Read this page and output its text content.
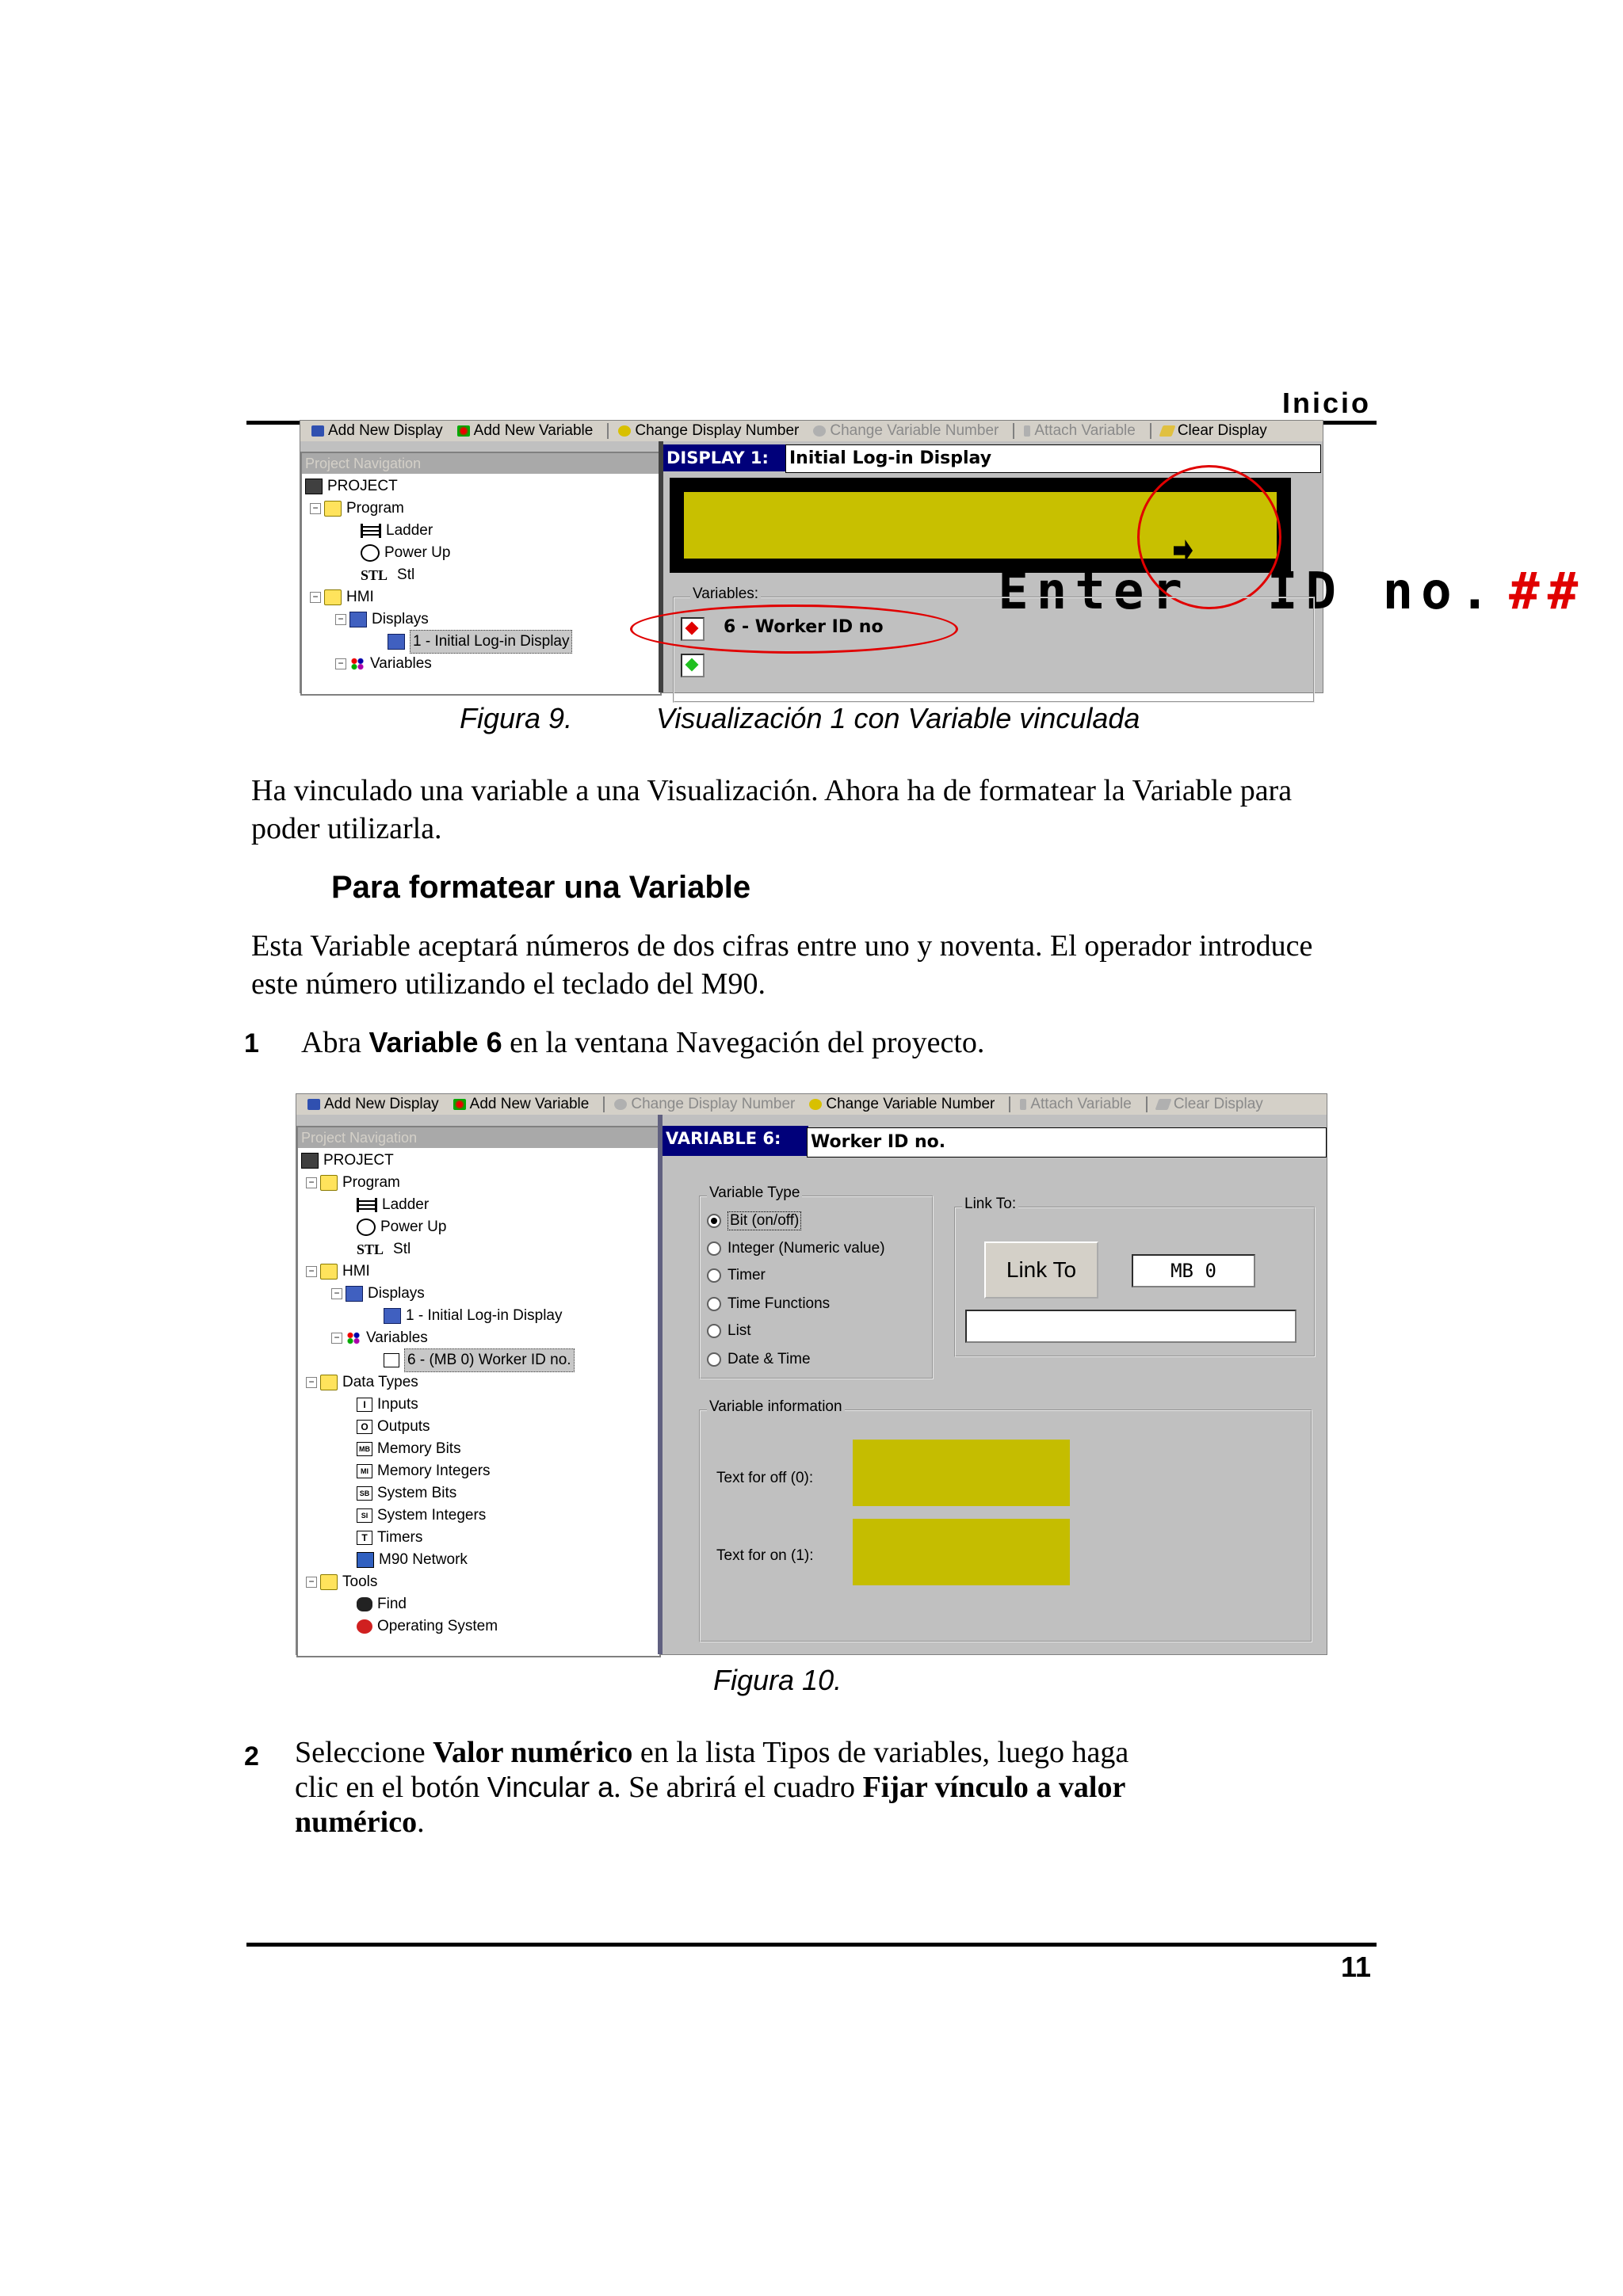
Inicio
Add New Display Add New Variable	Change Display Number Change Variable Number Attach Variable	Clear Display
Project Navigation
PROJECT
− Program
Ladder
Power Up
STL Stl
− HMI
− Displays
1 - Initial Log-in Display
− Variables
DISPLAY 1:	Initial Log-in Display

Enter  ID no. ##

Variables:
6 - Worker ID no
Figura 9.	Visualización 1 con Variable vinculada
Ha vinculado una variable a una Visualización. Ahora ha de formatear la Variable para poder utilizarla.
Para formatear una Variable
Esta Variable aceptará números de dos cifras entre uno y noventa. El operador introduce este número utilizando el teclado del M90.
1 Abra Variable 6 en la ventana Navegación del proyecto.
Add New Display Add New Variable	Change Display Number Change Variable Number Attach Variable	Clear Display
Project Navigation
PROJECT
− Program
Ladder
Power Up
STL Stl
− HMI
− Displays
1 - Initial Log-in Display
− Variables
6 - (MB 0) Worker ID no.
− Data Types
I Inputs
O Outputs
MB Memory Bits
MI Memory Integers
SB System Bits
SI System Integers
T Timers
M90 Network
− Tools
Find
Operating System
VARIABLE 6:	Worker ID no.
Variable Type
Bit (on/off)
Integer (Numeric value)
Timer
Time Functions
List
Date & Time
Link To:
Link To	MB 0
Variable information
Text for off (0):
Text for on (1):
Figura 10.
2 Seleccione Valor numérico en la lista Tipos de variables, luego haga clic en el botón Vincular a. Se abrirá el cuadro Fijar vínculo a valor numérico.
11
